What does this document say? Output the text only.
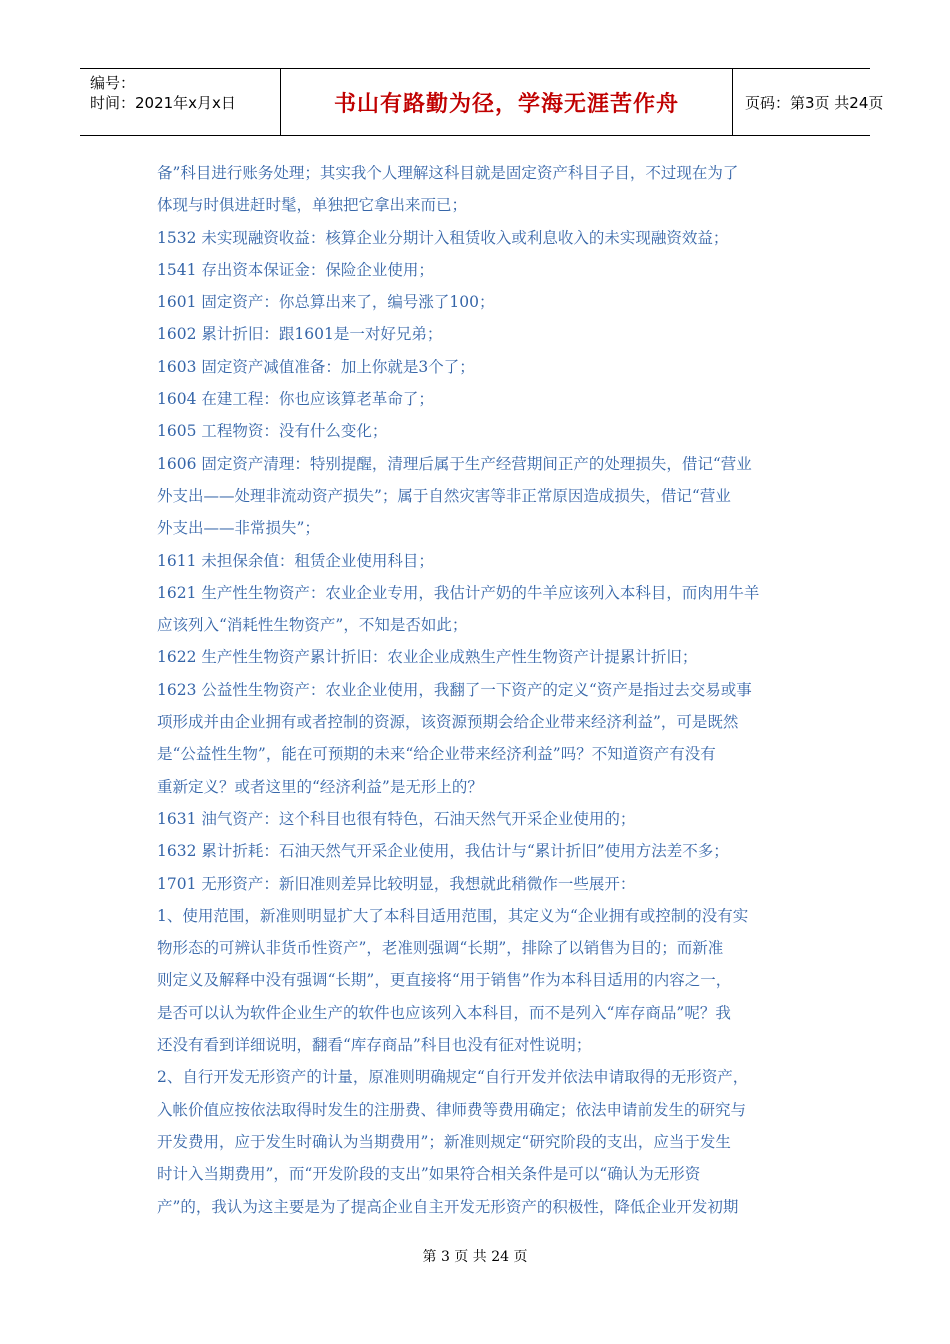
编号：
时间：2021年x月x日	书山有路勤为径，学海无涯苦作舟	页码：第3页 共24页

备”科目进行账务处理；其实我个人理解这科目就是固定资产科目子目，不过现在为了

体现与时俱进赶时髦，单独把它拿出来而已；

1532 未实现融资收益：核算企业分期计入租赁收入或利息收入的未实现融资效益；

1541 存出资本保证金：保险企业使用；

1601 固定资产：你总算出来了，编号涨了100；

1602 累计折旧：跟1601是一对好兄弟；

1603 固定资产减值准备：加上你就是3个了；

1604 在建工程：你也应该算老革命了；

1605 工程物资：没有什么变化；

1606 固定资产清理：特别提醒，清理后属于生产经营期间正产的处理损失，借记“营业

外支出——处理非流动资产损失”；属于自然灾害等非正常原因造成损失，借记“营业

外支出——非常损失”；

1611 未担保余值：租赁企业使用科目；

1621 生产性生物资产：农业企业专用，我估计产奶的牛羊应该列入本科目，而肉用牛羊

应该列入“消耗性生物资产”，不知是否如此；

1622 生产性生物资产累计折旧：农业企业成熟生产性生物资产计提累计折旧；

1623 公益性生物资产：农业企业使用，我翻了一下资产的定义“资产是指过去交易或事

项形成并由企业拥有或者控制的资源，该资源预期会给企业带来经济利益”，可是既然

是“公益性生物”，能在可预期的未来“给企业带来经济利益”吗？不知道资产有没有

重新定义？或者这里的“经济利益”是无形上的？

1631 油气资产：这个科目也很有特色，石油天然气开采企业使用的；

1632 累计折耗：石油天然气开采企业使用，我估计与“累计折旧”使用方法差不多；

1701 无形资产：新旧准则差异比较明显，我想就此稍微作一些展开：

1、使用范围，新准则明显扩大了本科目适用范围，其定义为“企业拥有或控制的没有实

物形态的可辨认非货币性资产”，老准则强调“长期”，排除了以销售为目的；而新准

则定义及解释中没有强调“长期”，更直接将“用于销售”作为本科目适用的内容之一，

是否可以认为软件企业生产的软件也应该列入本科目，而不是列入“库存商品”呢？我

还没有看到详细说明，翻看“库存商品”科目也没有征对性说明；

2、自行开发无形资产的计量，原准则明确规定“自行开发并依法申请取得的无形资产，

入帐价值应按依法取得时发生的注册费、律师费等费用确定；依法申请前发生的研究与

开发费用，应于发生时确认为当期费用”；新准则规定“研究阶段的支出，应当于发生

时计入当期费用”，而“开发阶段的支出”如果符合相关条件是可以“确认为无形资

产”的，我认为这主要是为了提高企业自主开发无形资产的积极性，降低企业开发初期

第 3 页 共 24 页
